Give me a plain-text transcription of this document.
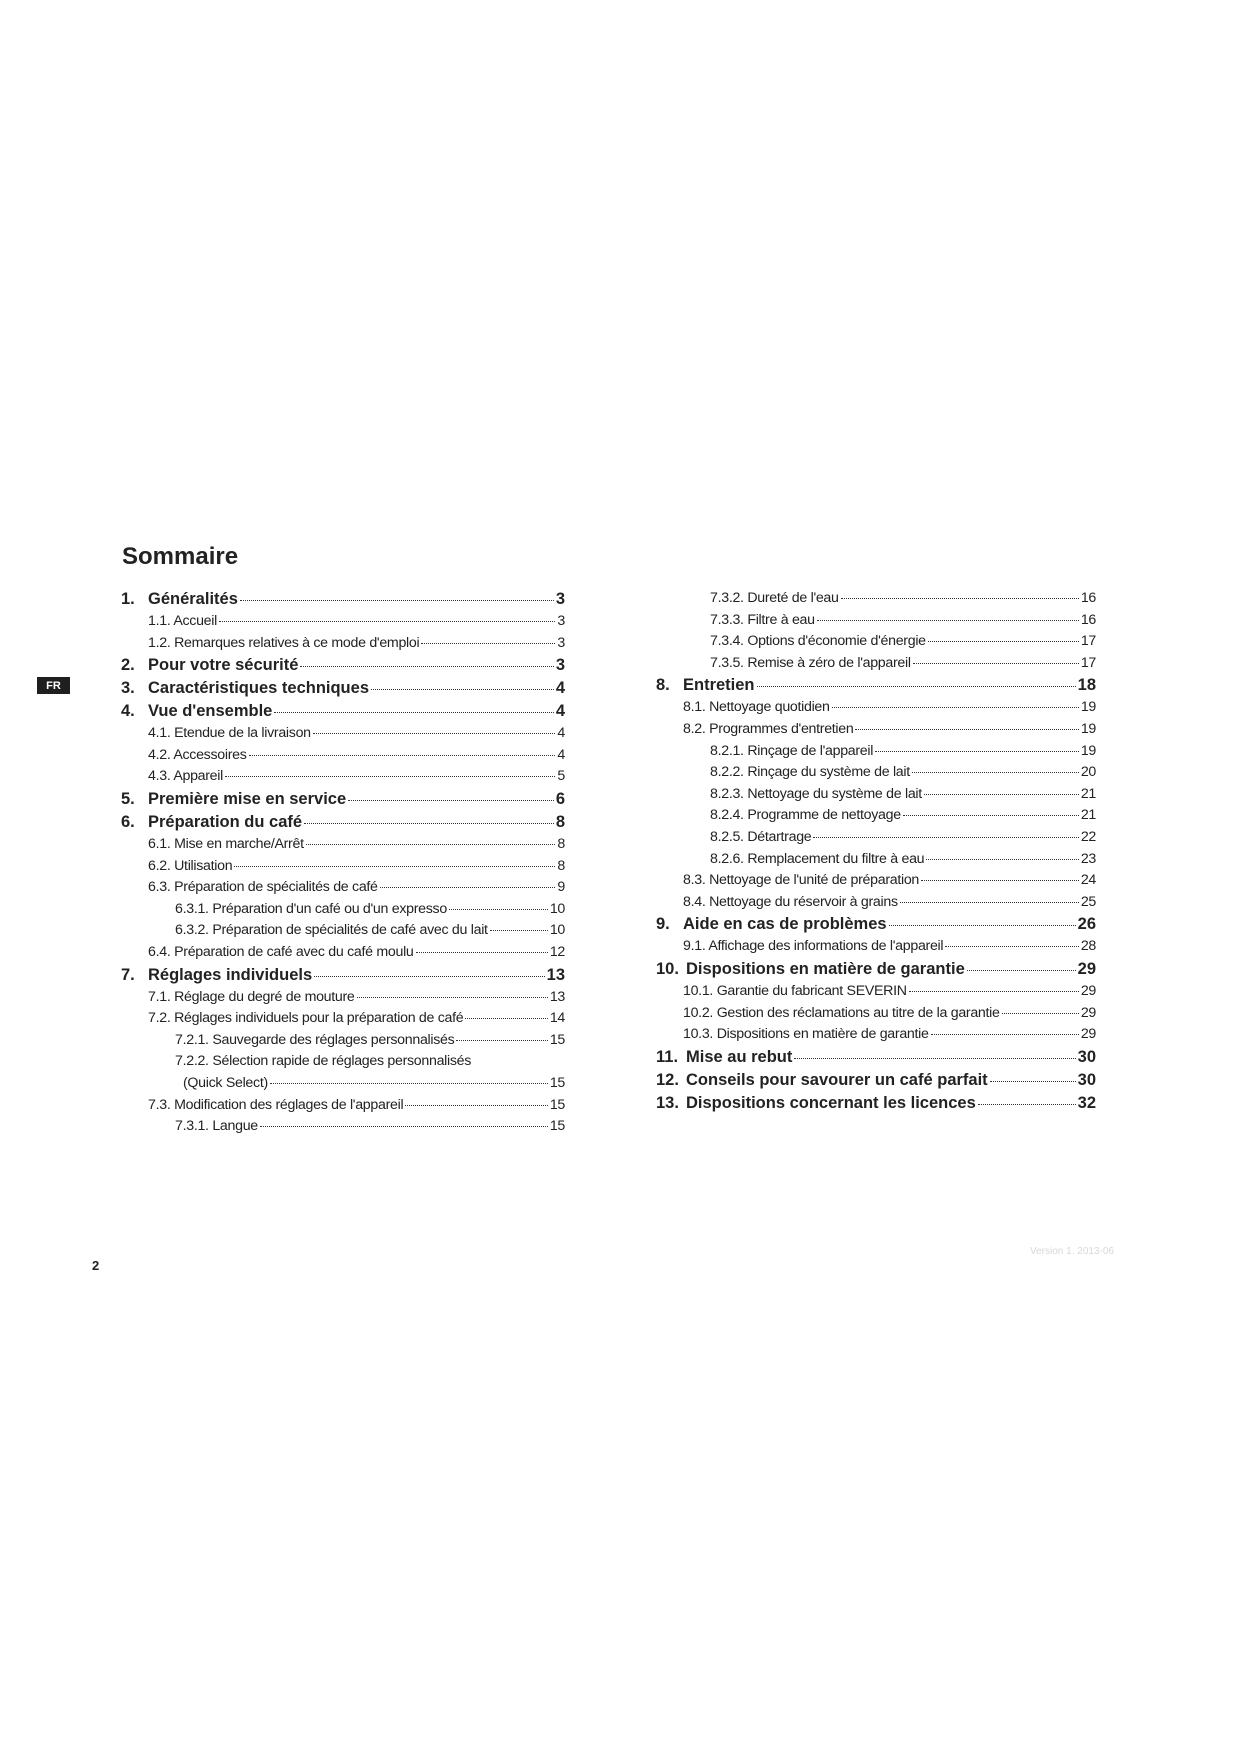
Sommaire
FR
1. Généralités	3
1.1. Accueil	3
1.2. Remarques relatives à ce mode d'emploi	3
2. Pour votre sécurité	3
3. Caractéristiques techniques	4
4. Vue d'ensemble	4
4.1. Etendue de la livraison	4
4.2. Accessoires	4
4.3. Appareil	5
5. Première mise en service	6
6. Préparation du café	8
6.1. Mise en marche/Arrêt	8
6.2. Utilisation	8
6.3. Préparation de spécialités de café	9
6.3.1. Préparation d'un café ou d'un expresso	10
6.3.2. Préparation de spécialités de café avec du lait	10
6.4. Préparation de café avec du café moulu	12
7. Réglages individuels	13
7.1. Réglage du degré de mouture	13
7.2. Réglages individuels pour la préparation de café	14
7.2.1. Sauvegarde des réglages personnalisés	15
7.2.2. Sélection rapide de réglages personnalisés
(Quick Select)	15
7.3. Modification des réglages de l'appareil	15
7.3.1. Langue	15
7.3.2. Dureté de l'eau	16
7.3.3. Filtre à eau	16
7.3.4. Options d'économie d'énergie	17
7.3.5. Remise à zéro de l'appareil	17
8. Entretien	18
8.1. Nettoyage quotidien	19
8.2. Programmes d'entretien	19
8.2.1. Rinçage de l'appareil	19
8.2.2. Rinçage du système de lait	20
8.2.3. Nettoyage du système de lait	21
8.2.4. Programme de nettoyage	21
8.2.5. Détartrage	22
8.2.6. Remplacement du filtre à eau	23
8.3. Nettoyage de l'unité de préparation	24
8.4. Nettoyage du réservoir à grains	25
9. Aide en cas de problèmes	26
9.1. Affichage des informations de l'appareil	28
10. Dispositions en matière de garantie	29
10.1. Garantie du fabricant SEVERIN	29
10.2. Gestion des réclamations au titre de la garantie	29
10.3. Dispositions en matière de garantie	29
11. Mise au rebut	30
12. Conseils pour savourer un café parfait	30
13. Dispositions concernant les licences	32
2
Version 1. 2013-06
